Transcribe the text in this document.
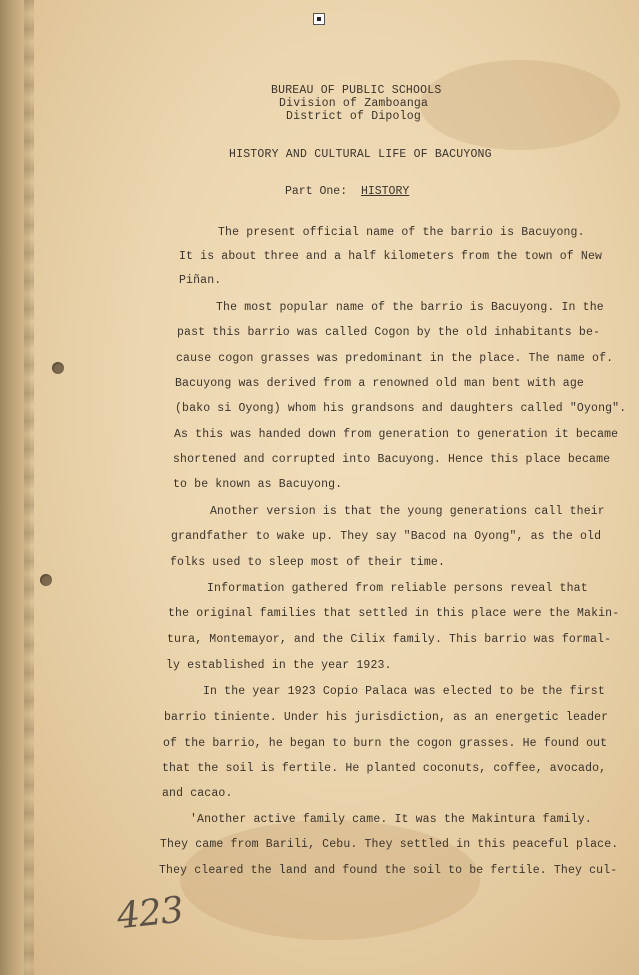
BUREAU OF PUBLIC SCHOOLS
Division of Zamboanga
District of Dipolog
HISTORY AND CULTURAL LIFE OF BACUYONG
Part One: HISTORY
The present official name of the barrio is Bacuyong.
It is about three and a half kilometers from the town of New
Piñan.
The most popular name of the barrio is Bacuyong. In the
past this barrio was called Cogon by the old inhabitants be-
cause cogon grasses was predominant in the place. The name of.
Bacuyong was derived from a renowned old man bent with age
(bako si Oyong) whom his grandsons and daughters called "Oyong".
As this was handed down from generation to generation it became
shortened and corrupted into Bacuyong. Hence this place became
to be known as Bacuyong.
Another version is that the young generations call their
grandfather to wake up. They say "Bacod na Oyong", as the old
folks used to sleep most of their time.
Information gathered from reliable persons reveal that
the original families that settled in this place were the Makin-
tura, Montemayor, and the Cilix family. This barrio was formal-
ly established in the year 1923.
In the year 1923 Copio Palaca was elected to be the first
barrio tiniente. Under his jurisdiction, as an energetic leader
of the barrio, he began to burn the cogon grasses. He found out
that the soil is fertile. He planted coconuts, coffee, avocado,
and cacao.
'Another active family came. It was the Makintura family.
They came from Barili, Cebu. They settled in this peaceful place.
They cleared the land and found the soil to be fertile. They cul-
423
